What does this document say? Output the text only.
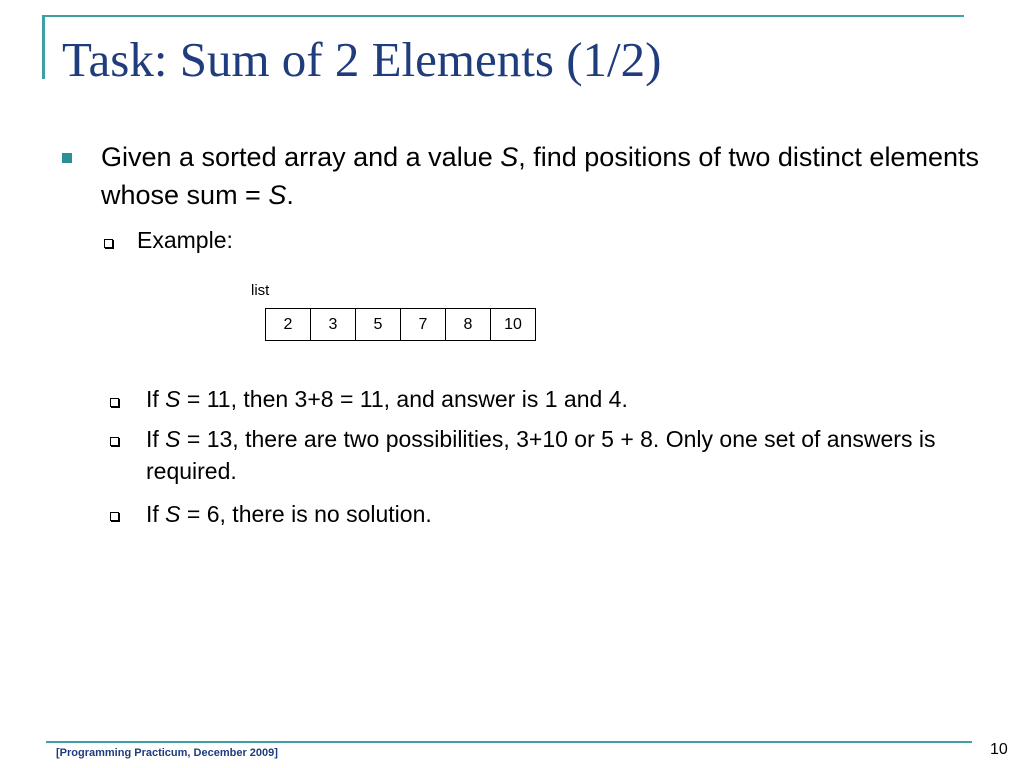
Task: Sum of 2 Elements (1/2)
Given a sorted array and a value S, find positions of two distinct elements whose sum = S.
Example:
list
2	3	5	7	8	10
If S = 11, then 3+8 = 11, and answer is 1 and 4.
If S = 13, there are two possibilities, 3+10 or 5 + 8. Only one set of answers is required.
If S = 6, there is no solution.
[Programming Practicum, December 2009]	10
